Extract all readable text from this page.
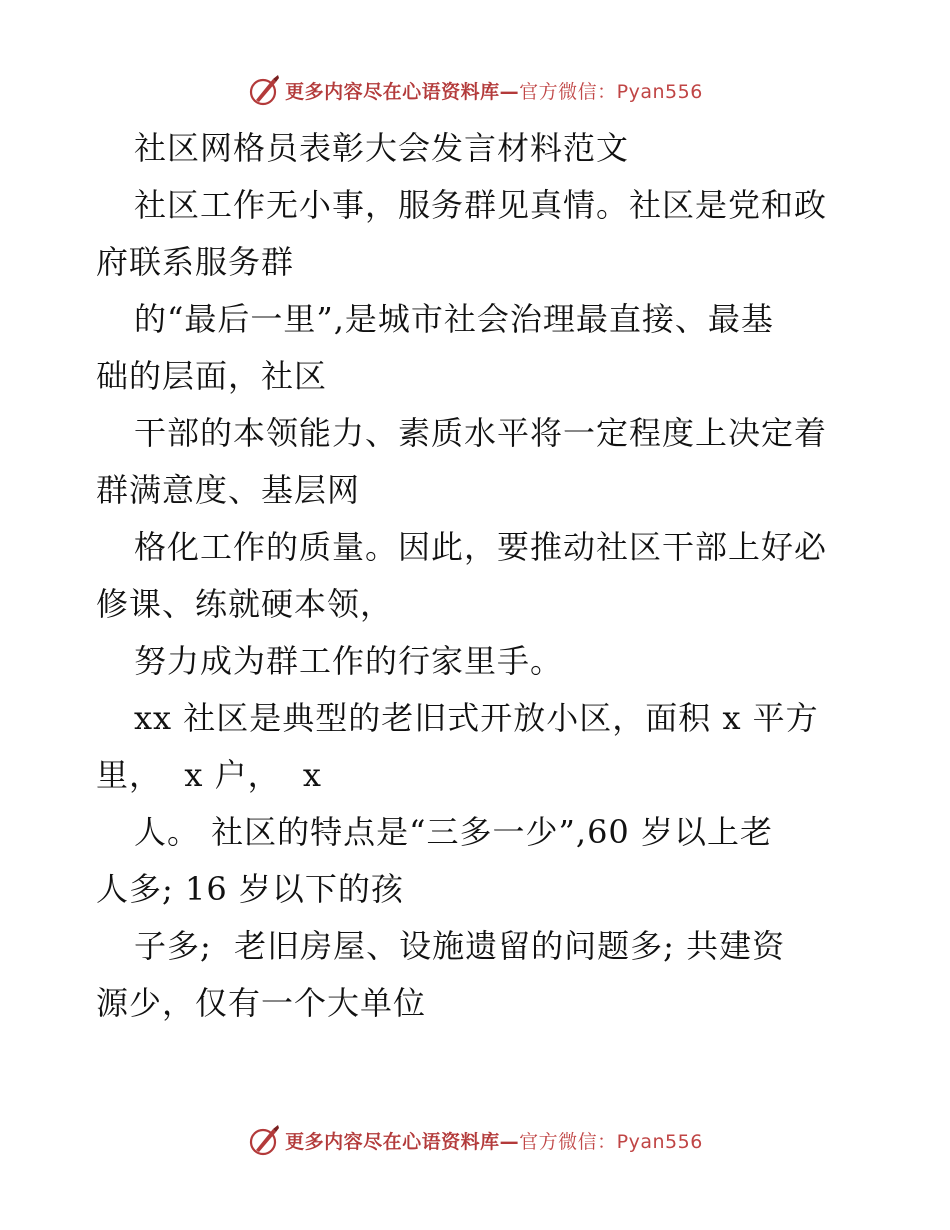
更多内容尽在心语资料库—官方微信：Pyan556
社区网格员表彰大会发言材料范文
社区工作无小事，服务群见真情。社区是党和政
府联系服务群
的“最后一里”,是城市社会治理最直接、最基
础的层面，社区
干部的本领能力、素质水平将一定程度上决定着
群满意度、基层网
格化工作的质量。因此，要推动社区干部上好必
修课、练就硬本领，
努力成为群工作的行家里手。
xx 社区是典型的老旧式开放小区，面积 x 平方
里，  x 户，  x
人。 社区的特点是“三多一少”,60 岁以上老
人多; 16 岁以下的孩
子多;  老旧房屋、设施遗留的问题多; 共建资
源少，仅有一个大单位
更多内容尽在心语资料库—官方微信：Pyan556
